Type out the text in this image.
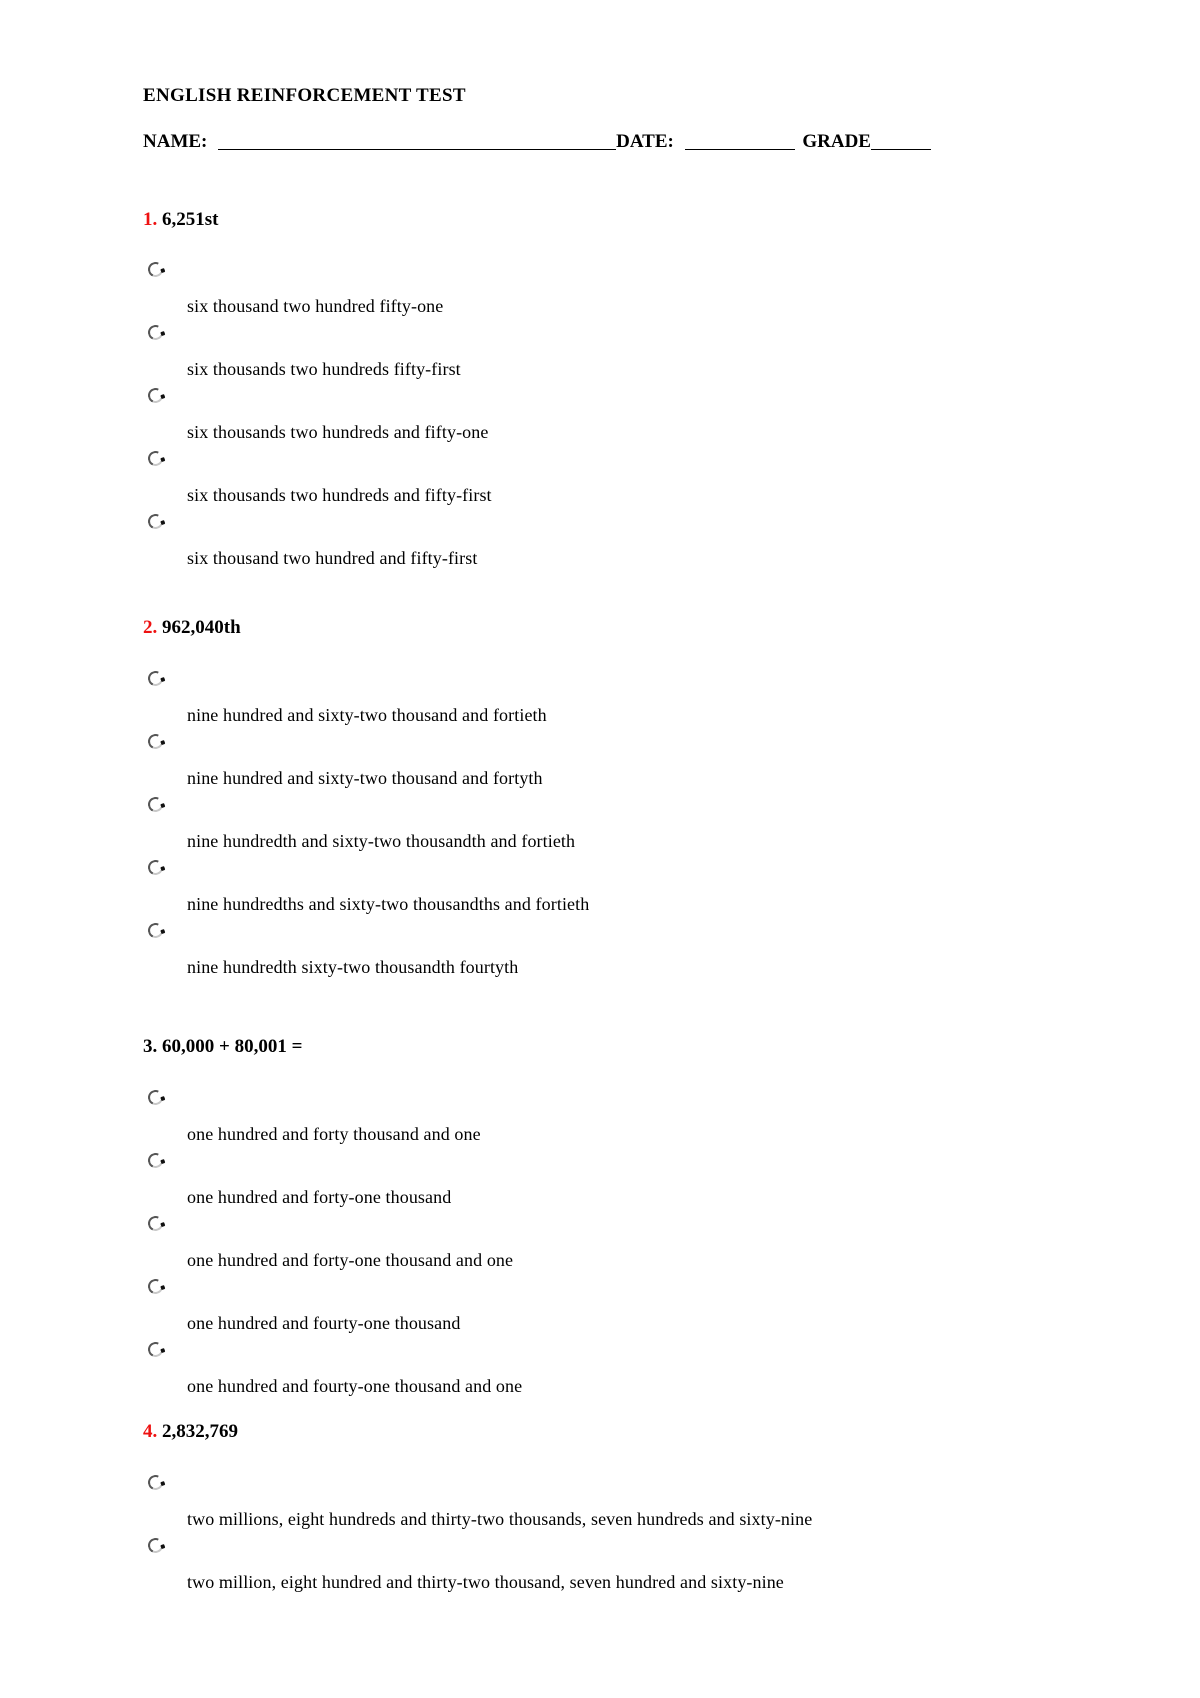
ENGLISH REINFORCEMENT TEST
NAME:	DATE:	GRADE
1. 6,251st
six thousand two hundred fifty-one
six thousands two hundreds fifty-first
six thousands two hundreds and fifty-one
six thousands two hundreds and fifty-first
six thousand two hundred and fifty-first
2. 962,040th
nine hundred and sixty-two thousand and fortieth
nine hundred and sixty-two thousand and fortyth
nine hundredth and sixty-two thousandth and fortieth
nine hundredths and sixty-two thousandths and fortieth
nine hundredth sixty-two thousandth fourtyth
3. 60,000 + 80,001 =
one hundred and forty thousand and one
one hundred and forty-one thousand
one hundred and forty-one thousand and one
one hundred and fourty-one thousand
one hundred and fourty-one thousand and one
4. 2,832,769
two millions, eight hundreds and thirty-two thousands, seven hundreds and sixty-nine
two million, eight hundred and thirty-two thousand, seven hundred and sixty-nine
